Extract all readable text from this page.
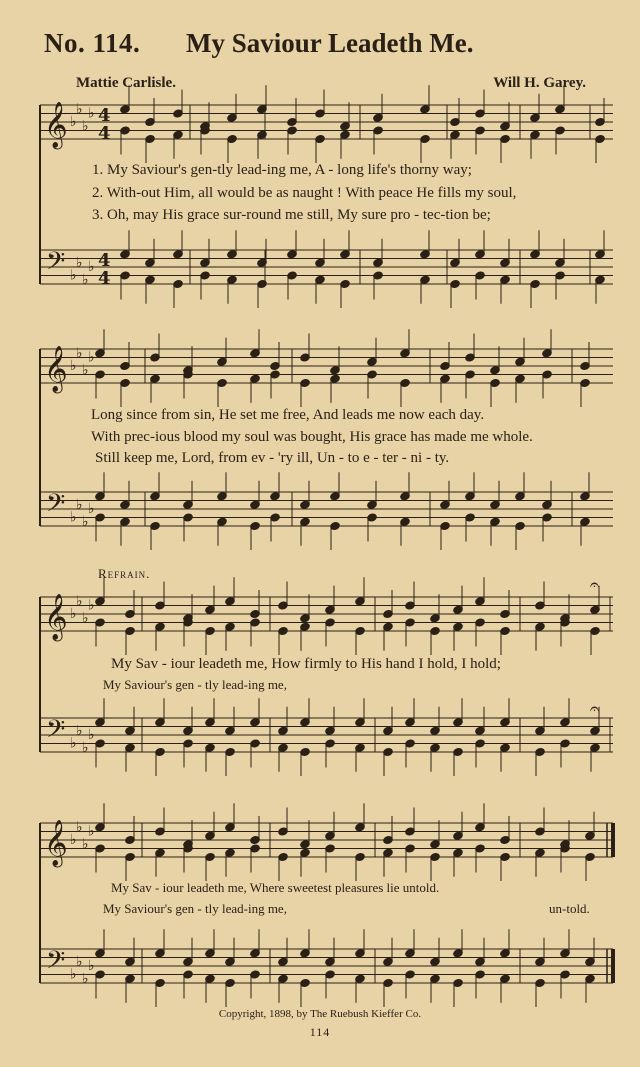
No. 114. My Saviour Leadeth Me.
Mattie Carlisle.	Will H. Garey.
𝄞
𝄢
♭
♭
♭
♭
♭
♭
♭
♭
4
4
4
4
𝄞
𝄢
♭
♭
♭
♭
♭
♭
♭
♭
𝄞
𝄢
♭
♭
♭
♭
♭
♭
♭
♭
𝄞
𝄢
♭
♭
♭
♭
♭
♭
♭
♭
𝄐
𝄐
1. My Saviour's gen-tly lead-ing me, A - long life's thorny way;
2. With-out Him, all would be as naught ! With peace He fills my soul,
3. Oh, may His grace sur-round me still, My sure pro - tec-tion be;
Long since from sin, He set me free, And leads me now each day.
With prec-ious blood my soul was bought, His grace has made me whole.
Still keep me, Lord, from ev - 'ry ill, Un - to e - ter - ni - ty.
Refrain.
My Sav - iour leadeth me, How firmly to His hand I hold, I hold;
My Saviour's gen - tly lead-ing me,
My Sav - iour leadeth me, Where sweetest pleasures lie untold.
My Saviour's gen - tly lead-ing me,	un-told.
Copyright, 1898, by The Ruebush Kieffer Co.
114
